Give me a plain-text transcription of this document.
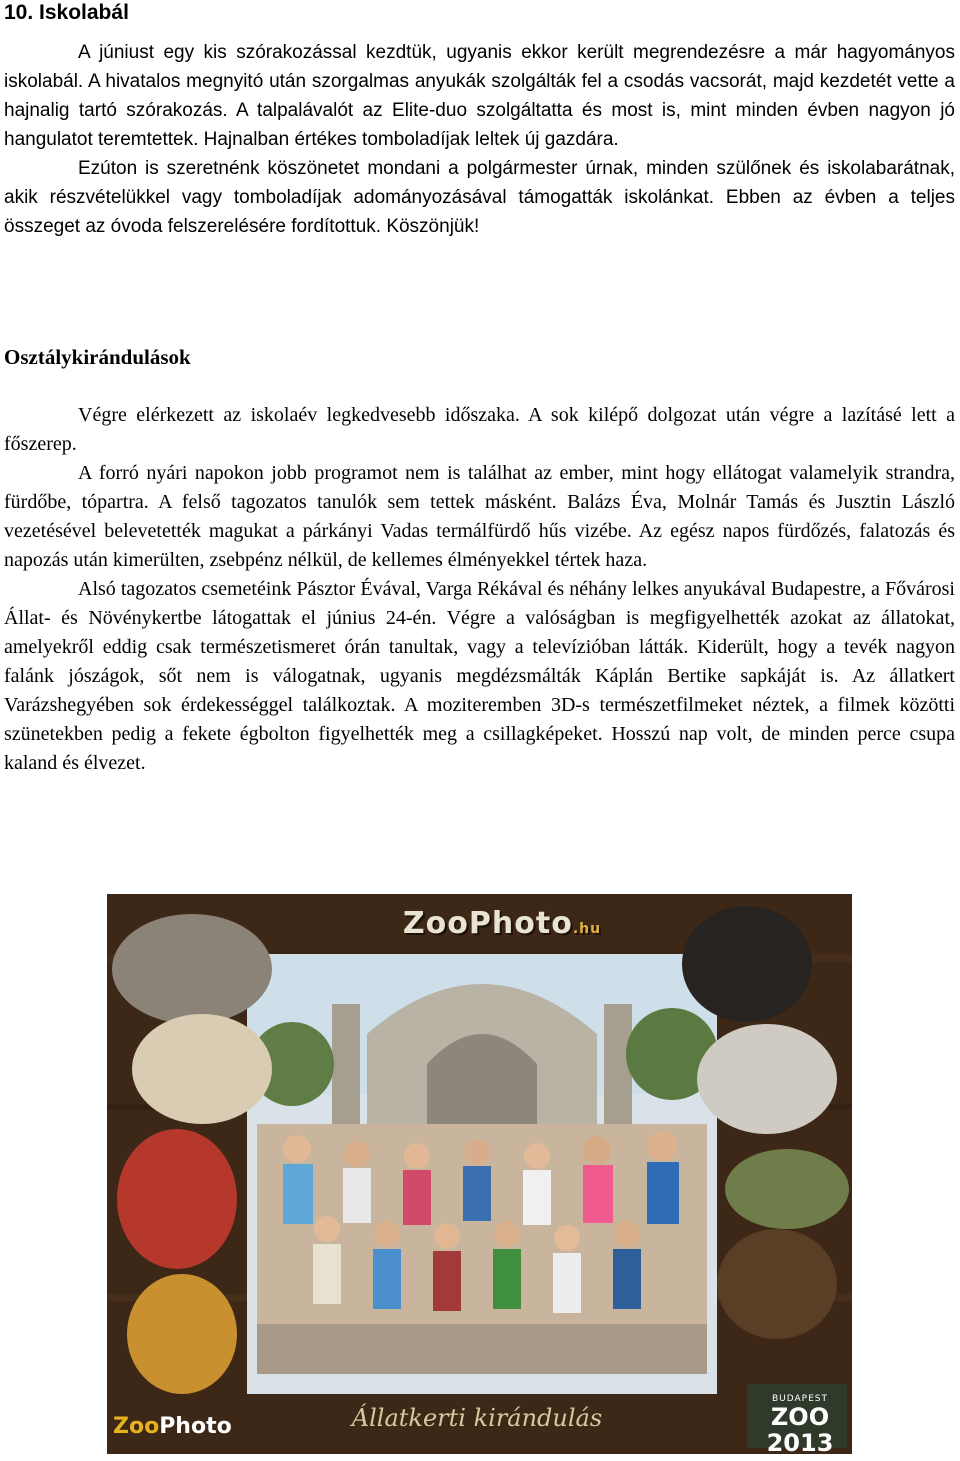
10. Iskolabál

A júniust egy kis szórakozással kezdtük, ugyanis ekkor került megrendezésre a már hagyományos iskolabál. A hivatalos megnyitó után szorgalmas anyukák szolgálták fel a csodás vacsorát, majd kezdetét vette a hajnalig tartó szórakozás. A talpalávalót az Elite-duo szolgáltatta és most is, mint minden évben nagyon jó hangulatot teremtettek. Hajnalban értékes tomboladíjak leltek új gazdára.

Ezúton is szeretnénk köszönetet mondani a polgármester úrnak, minden szülőnek és iskolabarátnak, akik részvételükkel vagy tomboladíjak adományozásával támogatták iskolánkat. Ebben az évben a teljes összeget az óvoda felszerelésére fordítottuk. Köszönjük!

Osztálykirándulások

Végre elérkezett az iskolaév legkedvesebb időszaka. A sok kilépő dolgozat után végre a lazításé lett a főszerep.

A forró nyári napokon jobb programot nem is találhat az ember, mint hogy ellátogat valamelyik strandra, fürdőbe, tópartra. A felső tagozatos tanulók sem tettek másként. Balázs Éva, Molnár Tamás és Jusztin László vezetésével belevetették magukat a párkányi Vadas termálfürdő hűs vizébe. Az egész napos fürdőzés, falatozás és napozás után kimerülten, zsebpénz nélkül, de kellemes élményekkel tértek haza.

Alsó tagozatos csemetéink Pásztor Évával, Varga Rékával és néhány lelkes anyukával Budapestre, a Fővárosi Állat- és Növénykertbe látogattak el június 24-én. Végre a valóságban is megfigyelhették azokat az állatokat, amelyekről eddig csak természetismeret órán tanultak, vagy a televízióban látták. Kiderült, hogy a tevék nagyon falánk jószágok, sőt nem is válogatnak, ugyanis megdézsmálták Káplán Bertike sapkáját is. Az állatkert Varázshegyében sok érdekességgel találkoztak. A moziteremben 3D-s természetfilmeket néztek, a filmek közötti szünetekben pedig a fekete égbolton figyelhették meg a csillagképeket. Hosszú nap volt, de minden perce csupa kaland és élvezet.

ZooPhoto.hu
Állatkerti kirándulás
ZooPhoto
BUDAPEST
ZOO 2013
